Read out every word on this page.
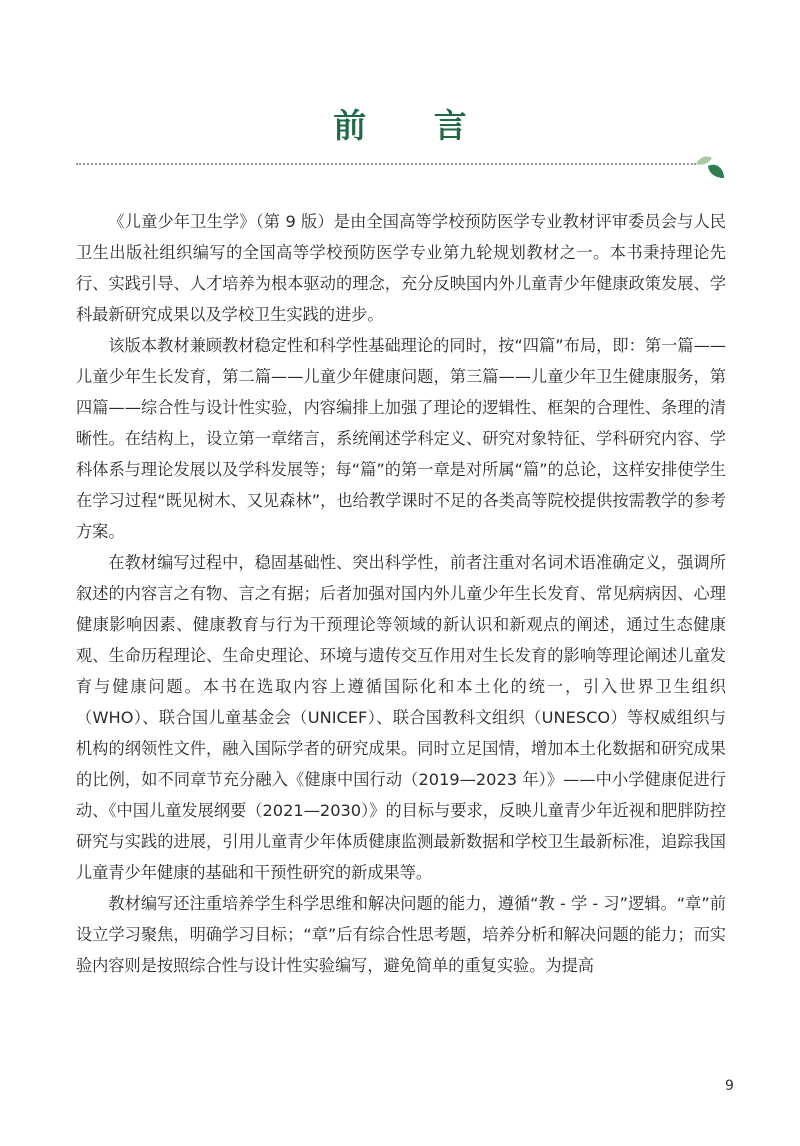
前 言

《儿童少年卫生学》（第 9 版）是由全国高等学校预防医学专业教材评审委员会与人民卫生出版社组织编写的全国高等学校预防医学专业第九轮规划教材之一。本书秉持理论先行、实践引导、人才培养为根本驱动的理念，充分反映国内外儿童青少年健康政策发展、学科最新研究成果以及学校卫生实践的进步。

该版本教材兼顾教材稳定性和科学性基础理论的同时，按“四篇”布局，即：第一篇——儿童少年生长发育，第二篇——儿童少年健康问题，第三篇——儿童少年卫生健康服务，第四篇——综合性与设计性实验，内容编排上加强了理论的逻辑性、框架的合理性、条理的清晰性。在结构上，设立第一章绪言，系统阐述学科定义、研究对象特征、学科研究内容、学科体系与理论发展以及学科发展等；每“篇”的第一章是对所属“篇”的总论，这样安排使学生在学习过程“既见树木、又见森林”，也给教学课时不足的各类高等院校提供按需教学的参考方案。

在教材编写过程中，稳固基础性、突出科学性，前者注重对名词术语准确定义，强调所叙述的内容言之有物、言之有据；后者加强对国内外儿童少年生长发育、常见病病因、心理健康影响因素、健康教育与行为干预理论等领域的新认识和新观点的阐述，通过生态健康观、生命历程理论、生命史理论、环境与遗传交互作用对生长发育的影响等理论阐述儿童发育与健康问题。本书在选取内容上遵循国际化和本土化的统一，引入世界卫生组织（WHO）、联合国儿童基金会（UNICEF）、联合国教科文组织（UNESCO）等权威组织与机构的纲领性文件，融入国际学者的研究成果。同时立足国情，增加本土化数据和研究成果的比例，如不同章节充分融入《健康中国行动（2019—2023 年）》——中小学健康促进行动、《中国儿童发展纲要（2021—2030）》的目标与要求，反映儿童青少年近视和肥胖防控研究与实践的进展，引用儿童青少年体质健康监测最新数据和学校卫生最新标准，追踪我国儿童青少年健康的基础和干预性研究的新成果等。

教材编写还注重培养学生科学思维和解决问题的能力，遵循“教 - 学 - 习”逻辑。“章”前设立学习聚焦，明确学习目标；“章”后有综合性思考题，培养分析和解决问题的能力；而实验内容则是按照综合性与设计性实验编写，避免简单的重复实验。为提高

9
